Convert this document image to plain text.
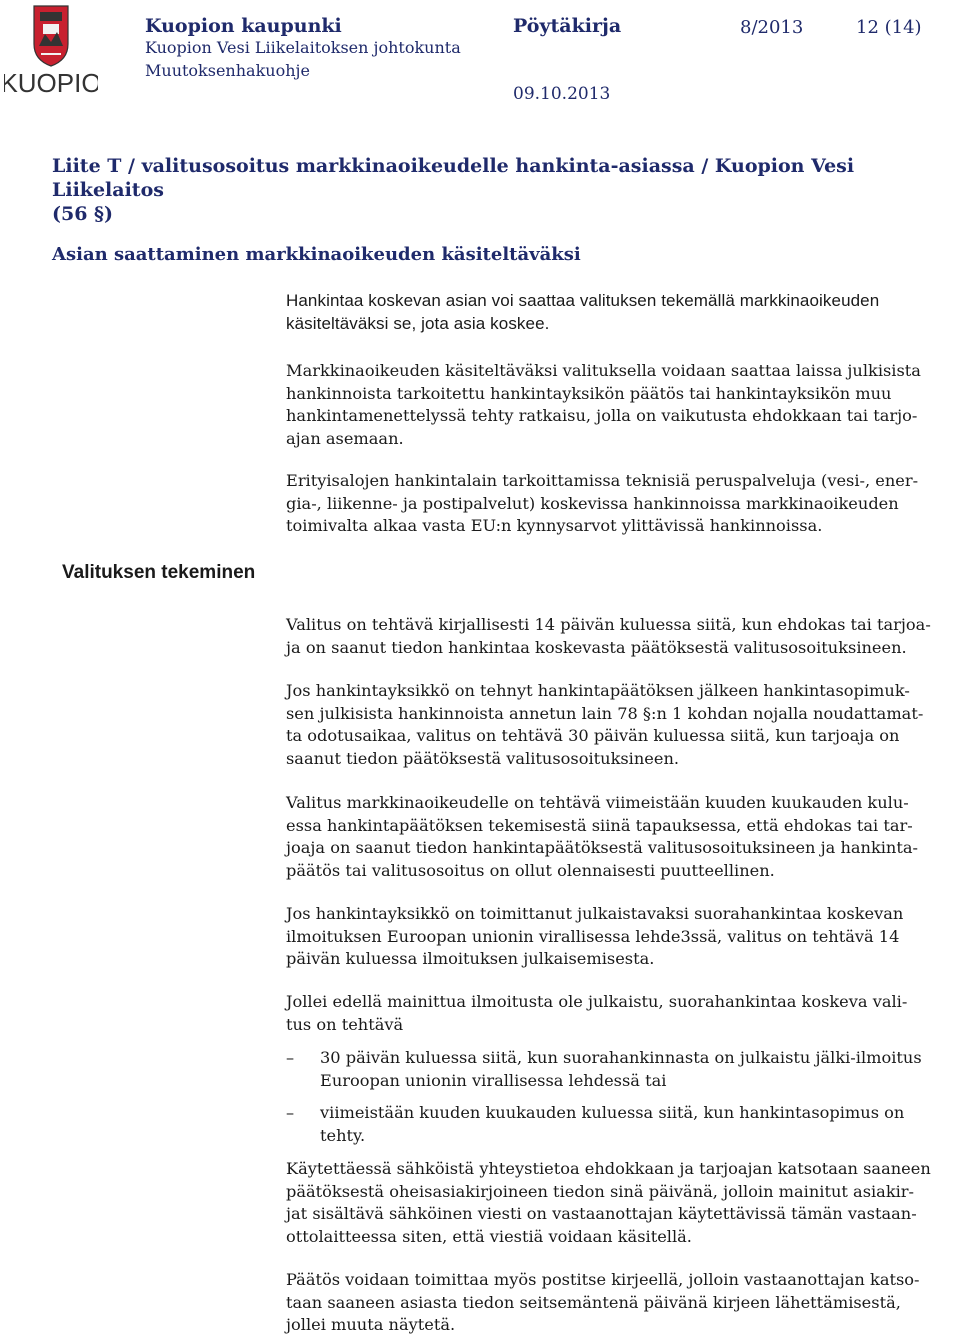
KUOPIO
Kuopion kaupunki	Pöytäkirja	8/2013	12 (14)
Kuopion Vesi Liikelaitoksen johtokunta
Muutoksenhakuohje
09.10.2013
Liite T / valitusosoitus markkinaoikeudelle hankinta-asiassa / Kuopion Vesi Liikelaitos
(56 §)
Asian saattaminen markkinaoikeuden käsiteltäväksi
Valituksen tekeminen
Hankintaa koskevan asian voi saattaa valituksen tekemällä markkinaoikeuden
käsiteltäväksi se, jota asia koskee.
Markkinaoikeuden käsiteltäväksi valituksella voidaan saattaa laissa julkisista
hankinnoista tarkoitettu hankintayksikön päätös tai hankintayksikön muu
hankintamenettelyssä tehty ratkaisu, jolla on vaikutusta ehdokkaan tai tarjo-
ajan asemaan.
Erityisalojen hankintalain tarkoittamissa teknisiä peruspalveluja (vesi-, ener-
gia-, liikenne- ja postipalvelut) koskevissa hankinnoissa markkinaoikeuden
toimivalta alkaa vasta EU:n kynnysarvot ylittävissä hankinnoissa.
Valitus on tehtävä kirjallisesti 14 päivän kuluessa siitä, kun ehdokas tai tarjoa-
ja on saanut tiedon hankintaa koskevasta päätöksestä valitusosoituksineen.
Jos hankintayksikkö on tehnyt hankintapäätöksen jälkeen hankintasopimuk-
sen julkisista hankinnoista annetun lain 78 §:n 1 kohdan nojalla noudattamat-
ta odotusaikaa, valitus on tehtävä 30 päivän kuluessa siitä, kun tarjoaja on
saanut tiedon päätöksestä valitusosoituksineen.
Valitus markkinaoikeudelle on tehtävä viimeistään kuuden kuukauden kulu-
essa hankintapäätöksen tekemisestä siinä tapauksessa, että ehdokas tai tar-
joaja on saanut tiedon hankintapäätöksestä valitusosoituksineen ja hankinta-
päätös tai valitusosoitus on ollut olennaisesti puutteellinen.
Jos hankintayksikkö on toimittanut julkaistavaksi suorahankintaa koskevan
ilmoituksen Euroopan unionin virallisessa lehde3ssä, valitus on tehtävä 14
päivän kuluessa ilmoituksen julkaisemisesta.
Jollei edellä mainittua ilmoitusta ole julkaistu, suorahankintaa koskeva vali-
tus on tehtävä
– 30 päivän kuluessa siitä, kun suorahankinnasta on julkaistu jälki-ilmoitus
Euroopan unionin virallisessa lehdessä tai
– viimeistään kuuden kuukauden kuluessa siitä, kun hankintasopimus on
tehty.
Käytettäessä sähköistä yhteystietoa ehdokkaan ja tarjoajan katsotaan saaneen
päätöksestä oheisasiakirjoineen tiedon sinä päivänä, jolloin mainitut asiakir-
jat sisältävä sähköinen viesti on vastaanottajan käytettävissä tämän vastaan-
ottolaitteessa siten, että viestiä voidaan käsitellä.
Päätös voidaan toimittaa myös postitse kirjeellä, jolloin vastaanottajan katso-
taan saaneen asiasta tiedon seitsemäntenä päivänä kirjeen lähettämisestä,
jollei muuta näytetä.
